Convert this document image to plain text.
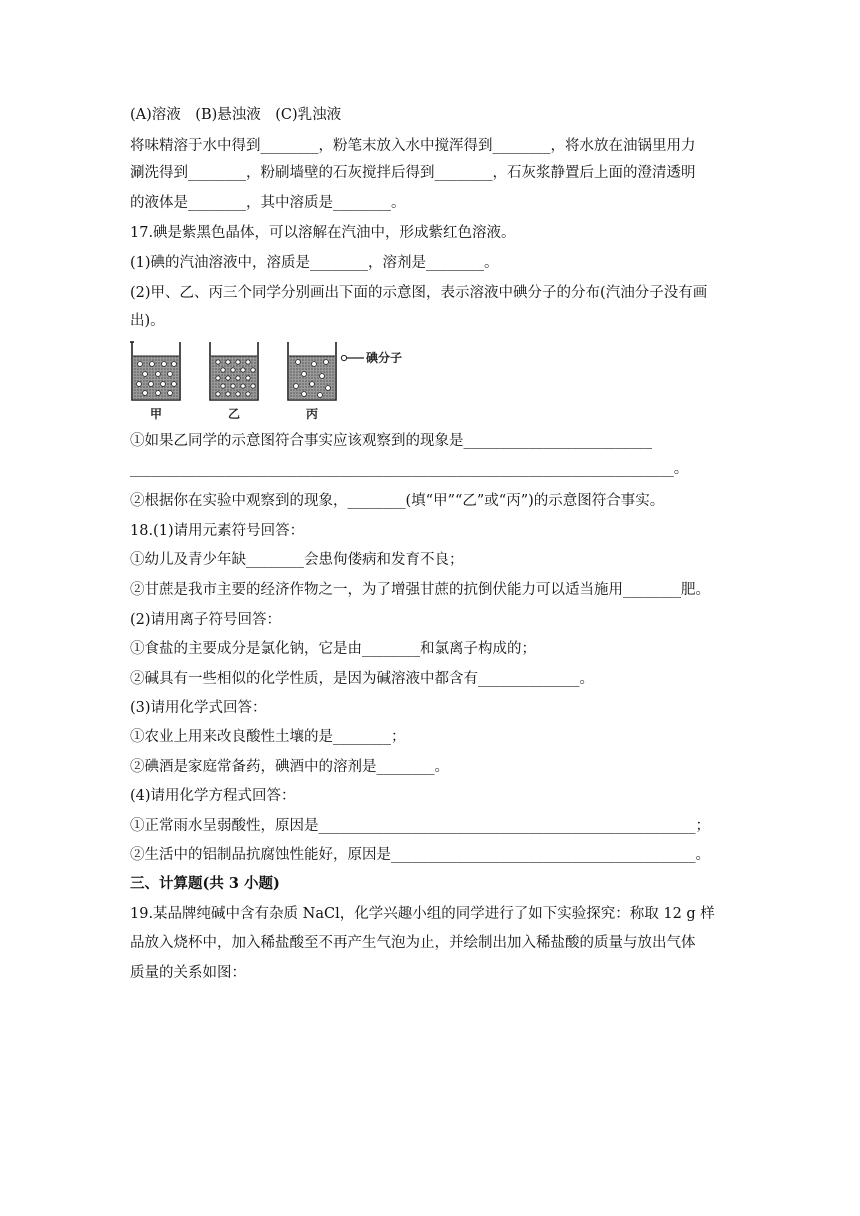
(A)溶液　(B)悬浊液　(C)乳浊液
将味精溶于水中得到________，粉笔末放入水中搅浑得到________，将水放在油锅里用力
涮洗得到________，粉刷墙壁的石灰搅拌后得到________，石灰浆静置后上面的澄清透明
的液体是________，其中溶质是________。
17.碘是紫黑色晶体，可以溶解在汽油中，形成紫红色溶液。
(1)碘的汽油溶液中，溶质是________，溶剂是________。
(2)甲、乙、丙三个同学分别画出下面的示意图，表示溶液中碘分子的分布(汽油分子没有画
出)。
碘分子
甲	乙	丙
①如果乙同学的示意图符合事实应该观察到的现象是__________________________
___________________________________________________________________________。
②根据你在实验中观察到的现象，________(填“甲”“乙”或“丙”)的示意图符合事实。
18.(1)请用元素符号回答：
①幼儿及青少年缺________会患佝偻病和发育不良；
②甘蔗是我市主要的经济作物之一，为了增强甘蔗的抗倒伏能力可以适当施用________肥。
(2)请用离子符号回答：
①食盐的主要成分是氯化钠，它是由________和氯离子构成的；
②碱具有一些相似的化学性质，是因为碱溶液中都含有______________。
(3)请用化学式回答：
①农业上用来改良酸性土壤的是________；
②碘酒是家庭常备药，碘酒中的溶剂是________。
(4)请用化学方程式回答：
①正常雨水呈弱酸性，原因是____________________________________________________；
②生活中的铝制品抗腐蚀性能好，原因是__________________________________________。
三、计算题(共 3 小题)
19.某品牌纯碱中含有杂质 NaCl，化学兴趣小组的同学进行了如下实验探究：称取 12 g 样
品放入烧杯中，加入稀盐酸至不再产生气泡为止，并绘制出加入稀盐酸的质量与放出气体
质量的关系如图：
